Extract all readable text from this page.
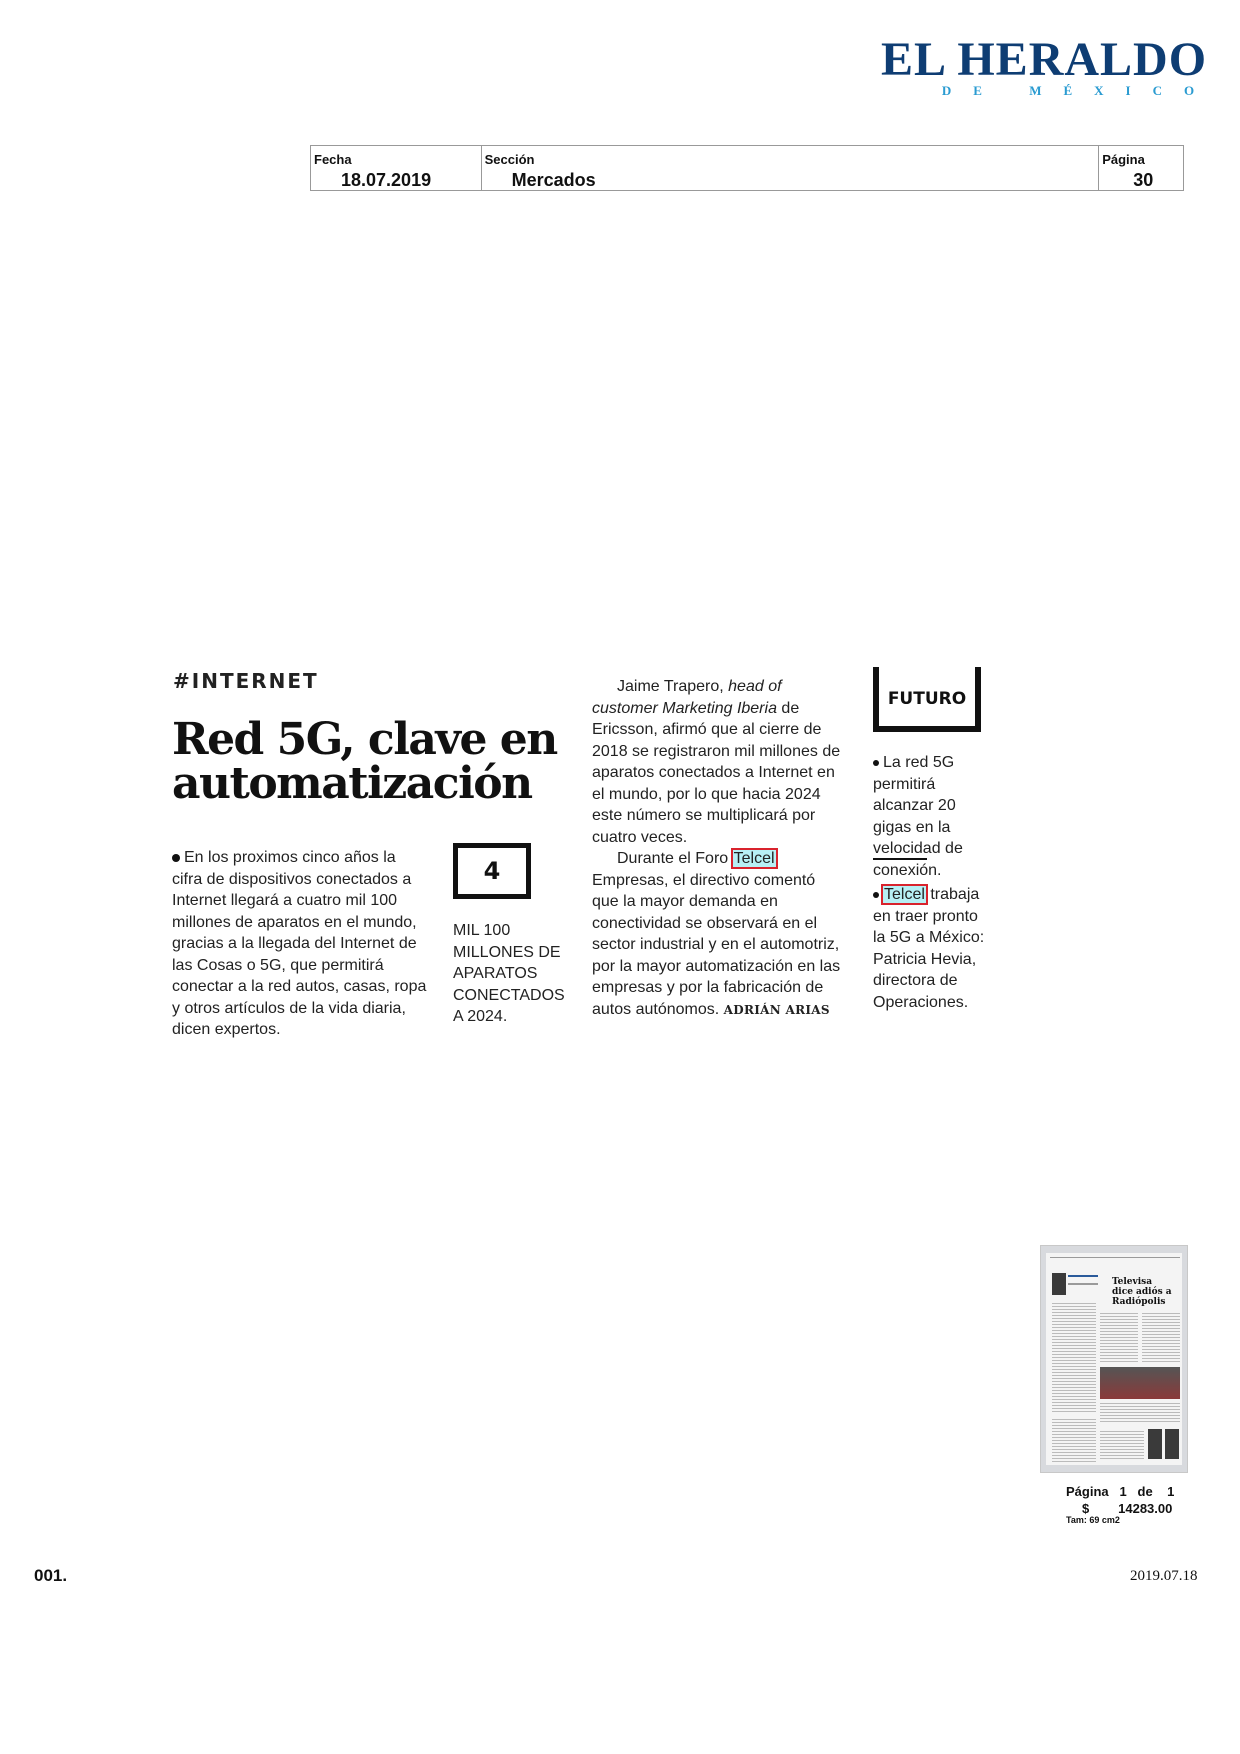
EL HERALDO
DE MÉXICO
Fecha
18.07.2019
Sección
Mercados
Página
30
#INTERNET
Red 5G, clave en automatización
En los proximos cinco años la cifra de dispositivos conectados a Internet llegará a cuatro mil 100 millones de aparatos en el mundo, gracias a la llegada del Internet de las Cosas o 5G, que permitirá conectar a la red autos, casas, ropa y otros artículos de la vida diaria, dicen expertos.
4
MIL 100 MILLONES DE APARATOS CONECTADOS A 2024.

Jaime Trapero, head of customer Marketing Iberia de Ericsson, afirmó que al cierre de 2018 se registraron mil millones de aparatos conectados a Internet en el mundo, por lo que hacia 2024 este número se multiplicará por cuatro veces.

Durante el Foro Telcel Empresas, el directivo comentó que la mayor demanda en conectividad se observará en el sector industrial y en el automotriz, por la mayor automatización en las empresas y por la fabricación de autos autónomos. ADRIÁN ARIAS

FUTURO
La red 5G permitirá alcanzar 20 gigas en la velocidad de conexión.
Telcel trabaja en traer pronto la 5G a México: Patricia Hevia, directora de Operaciones.
Televisa dice adiós a Radiópolis
Página 1 de 1
$ 14283.00
Tam: 69 cm2
001.	2019.07.18
